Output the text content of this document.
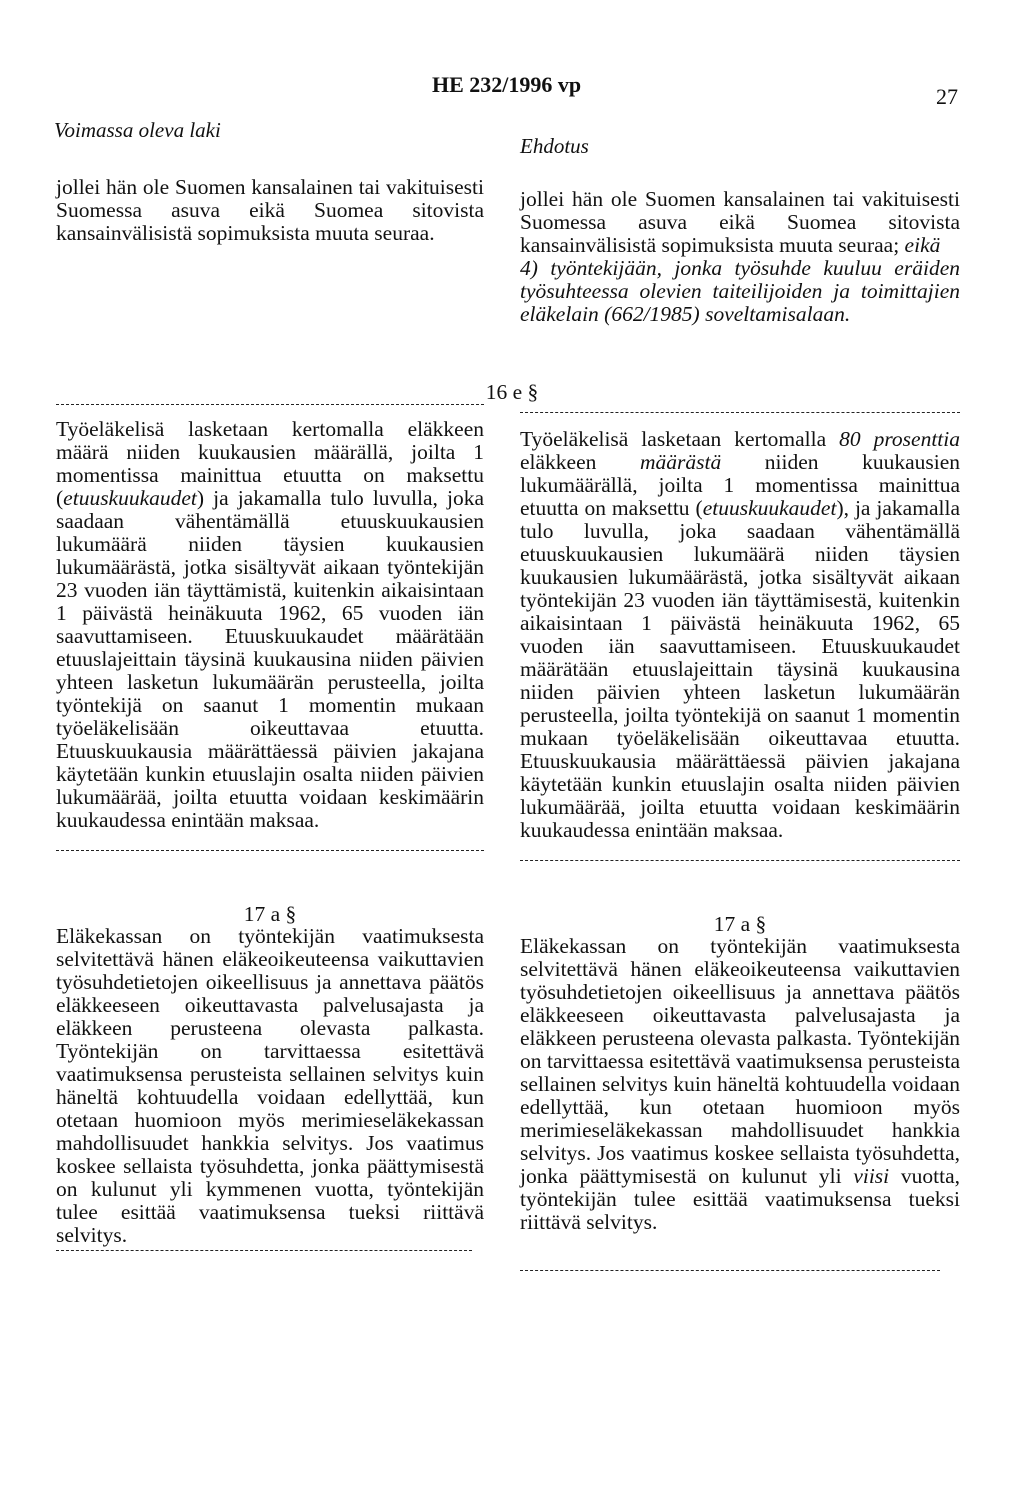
HE 232/1996 vp	27
Voimassa oleva laki
Ehdotus
jollei hän ole Suomen kansalainen tai vakituisesti Suomessa asuva eikä Suomea sitovista kansainvälisistä sopimuksista muuta seuraa.

Työeläkelisä lasketaan kertomalla eläkkeen määrä niiden kuukausien määrällä, joilta 1 momentissa mainittua etuutta on maksettu (etuuskuukaudet) ja jakamalla tulo luvulla, joka saadaan vähentämällä etuuskuukausien lukumäärä niiden täysien kuukausien lukumäärästä, jotka sisältyvät aikaan työntekijän 23 vuoden iän täyttämistä, kuitenkin aikaisintaan 1 päivästä heinäkuuta 1962, 65 vuoden iän saavuttamiseen. Etuuskuukaudet määrätään etuuslajeittain täysinä kuukausina niiden päivien yhteen lasketun lukumäärän perusteella, joilta työntekijä on saanut 1 momentin mukaan työeläkelisään oikeuttavaa etuutta. Etuuskuukausia määrättäessä päivien jakajana käytetään kunkin etuuslajin osalta niiden päivien lukumäärää, joilta etuutta voidaan keskimäärin kuukaudessa enintään maksaa.

17 a §

Eläkekassan on työntekijän vaatimuksesta selvitettävä hänen eläkeoikeuteensa vaikuttavien työsuhdetietojen oikeellisuus ja annettava päätös eläkkeeseen oikeuttavasta palvelusajasta ja eläkkeen perusteena olevasta palkasta. Työntekijän on tarvittaessa esitettävä vaatimuksensa perusteista sellainen selvitys kuin häneltä kohtuudella voidaan edellyttää, kun otetaan huomioon myös merimieseläkekassan mahdollisuudet hankkia selvitys. Jos vaatimus koskee sellaista työsuhdetta, jonka päättymisestä on kulunut yli kymmenen vuotta, työntekijän tulee esittää vaatimuksensa tueksi riittävä selvitys.

16 e §

jollei hän ole Suomen kansalainen tai vakituisesti Suomessa asuva eikä Suomea sitovista kansainvälisistä sopimuksista muuta seuraa; eikä

4) työntekijään, jonka työsuhde kuuluu eräiden työsuhteessa olevien taiteilijoiden ja toimittajien eläkelain (662/1985) soveltamisalaan.

Työeläkelisä lasketaan kertomalla 80 prosenttia eläkkeen määrästä niiden kuukausien lukumäärällä, joilta 1 momentissa mainittua etuutta on maksettu (etuuskuukaudet), ja jakamalla tulo luvulla, joka saadaan vähentämällä etuuskuukausien lukumäärä niiden täysien kuukausien lukumäärästä, jotka sisältyvät aikaan työntekijän 23 vuoden iän täyttämisestä, kuitenkin aikaisintaan 1 päivästä heinäkuuta 1962, 65 vuoden iän saavuttamiseen. Etuuskuukaudet määrätään etuuslajeittain täysinä kuukausina niiden päivien yhteen lasketun lukumäärän perusteella, joilta työntekijä on saanut 1 momentin mukaan työeläkelisään oikeuttavaa etuutta. Etuuskuukausia määrättäessä päivien jakajana käytetään kunkin etuuslajin osalta niiden päivien lukumäärää, joilta etuutta voidaan keskimäärin kuukaudessa enintään maksaa.

17 a §

Eläkekassan on työntekijän vaatimuksesta selvitettävä hänen eläkeoikeuteensa vaikuttavien työsuhdetietojen oikeellisuus ja annettava päätös eläkkeeseen oikeuttavasta palvelusajasta ja eläkkeen perusteena olevasta palkasta. Työntekijän on tarvittaessa esitettävä vaatimuksensa perusteista sellainen selvitys kuin häneltä kohtuudella voidaan edellyttää, kun otetaan huomioon myös merimieseläkekassan mahdollisuudet hankkia selvitys. Jos vaatimus koskee sellaista työsuhdetta, jonka päättymisestä on kulunut yli viisi vuotta, työntekijän tulee esittää vaatimuksensa tueksi riittävä selvitys.
